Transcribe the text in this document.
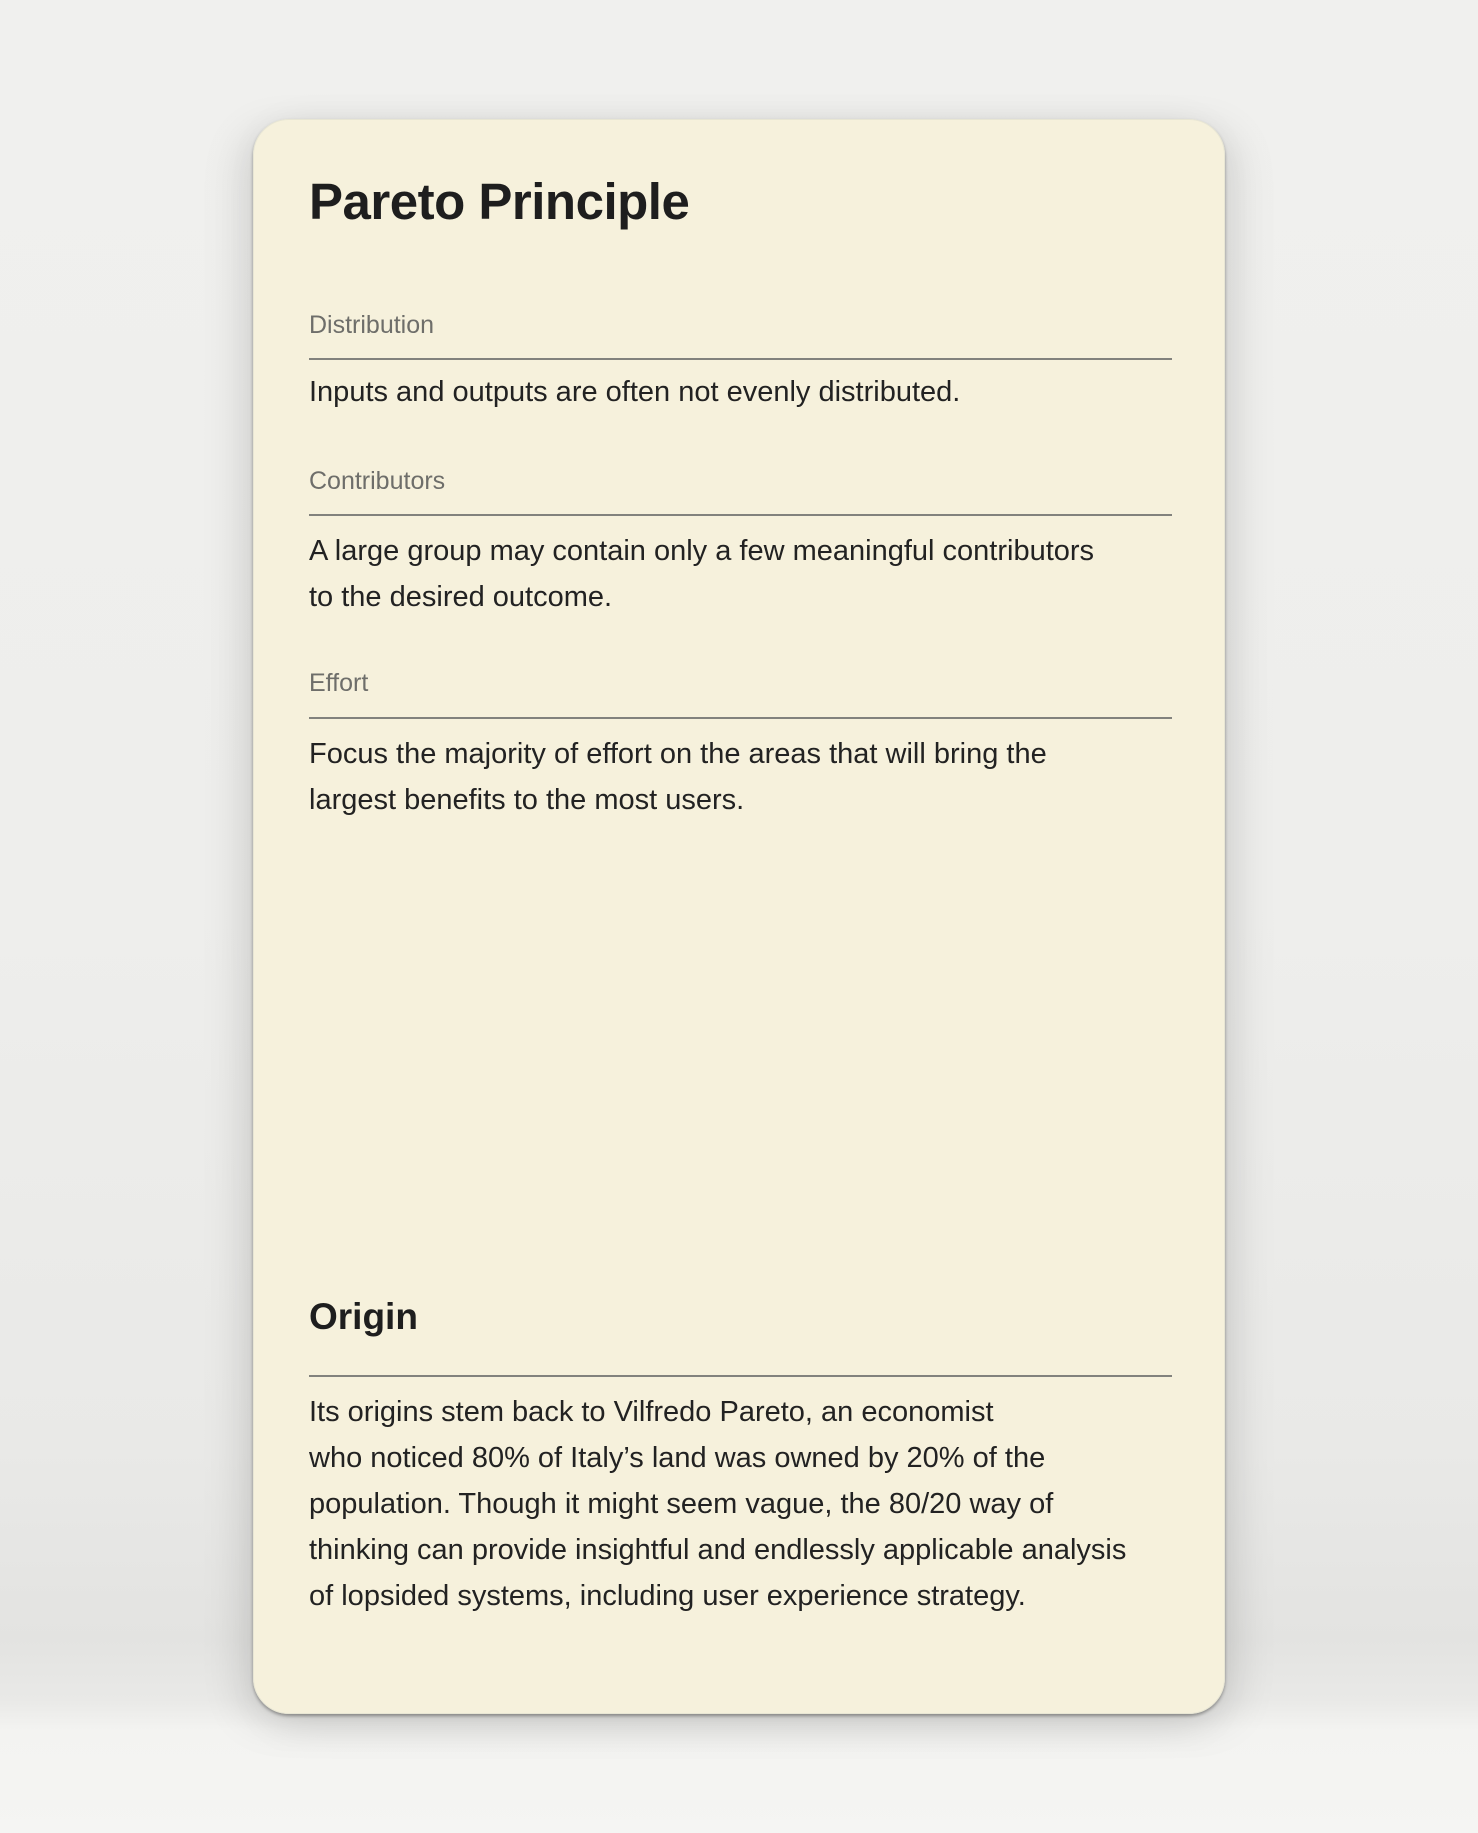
Pareto Principle
Distribution
Inputs and outputs are often not evenly distributed.
Contributors
A large group may contain only a few meaningful contributors
to the desired outcome.
Effort
Focus the majority of effort on the areas that will bring the
largest benefits to the most users.
Origin
Its origins stem back to Vilfredo Pareto, an economist
who noticed 80% of Italy’s land was owned by 20% of the
population. Though it might seem vague, the 80/20 way of
thinking can provide insightful and endlessly applicable analysis
of lopsided systems, including user experience strategy.
